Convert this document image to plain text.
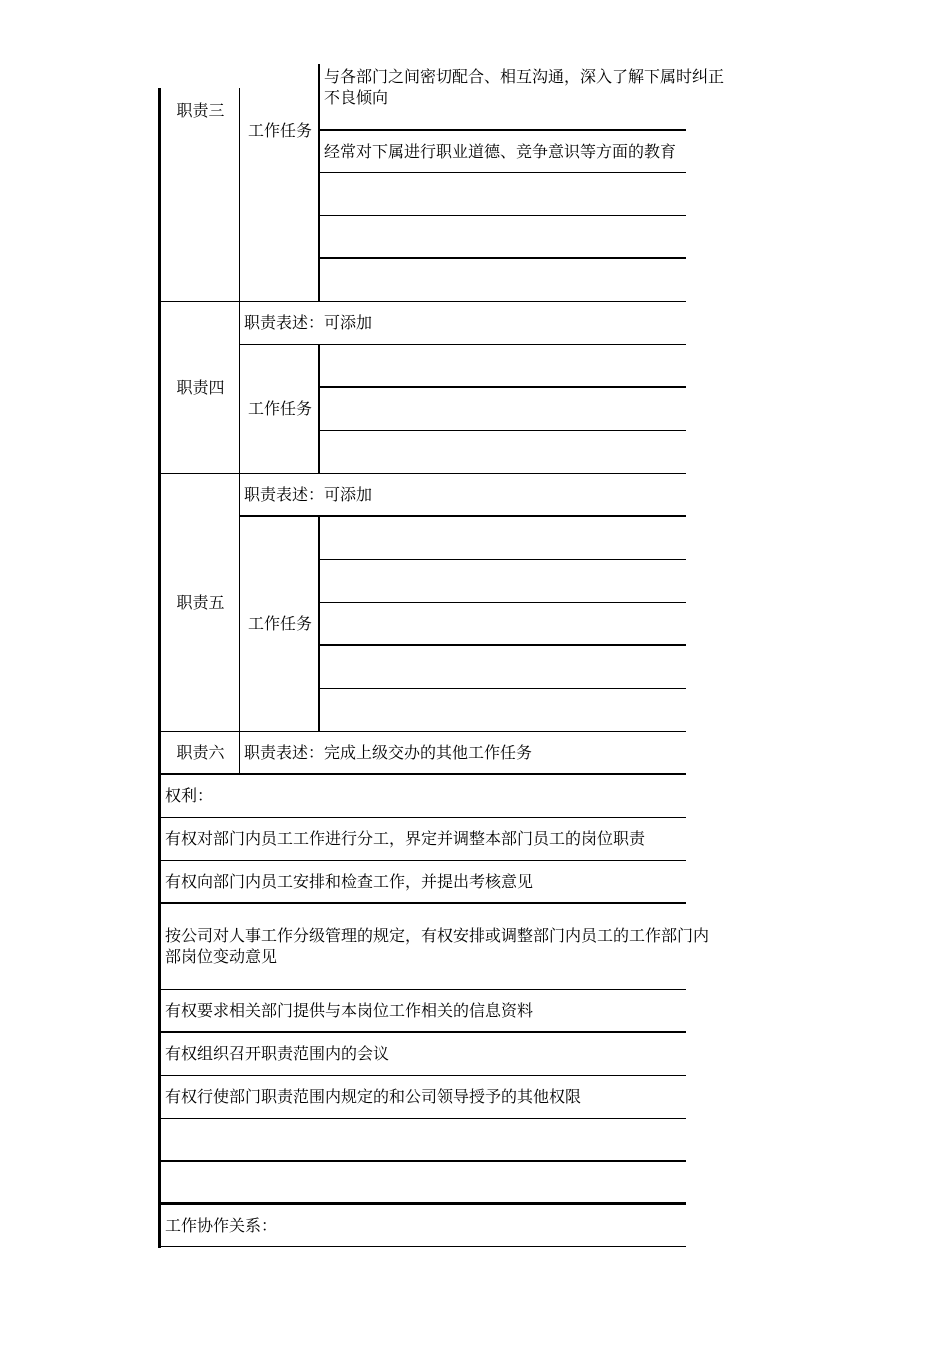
职责三
工作任务
与各部门之间密切配合、相互沟通，深入了解下属时纠正不良倾向
经常对下属进行职业道德、竞争意识等方面的教育
职责四
职责表述：可添加
工作任务
职责五
职责表述：可添加
工作任务
职责六	职责表述：完成上级交办的其他工作任务
权利：
有权对部门内员工工作进行分工，界定并调整本部门员工的岗位职责
有权向部门内员工安排和检查工作，并提出考核意见
按公司对人事工作分级管理的规定，有权安排或调整部门内员工的工作部门内部岗位变动意见
有权要求相关部门提供与本岗位工作相关的信息资料
有权组织召开职责范围内的会议
有权行使部门职责范围内规定的和公司领导授予的其他权限
工作协作关系：
